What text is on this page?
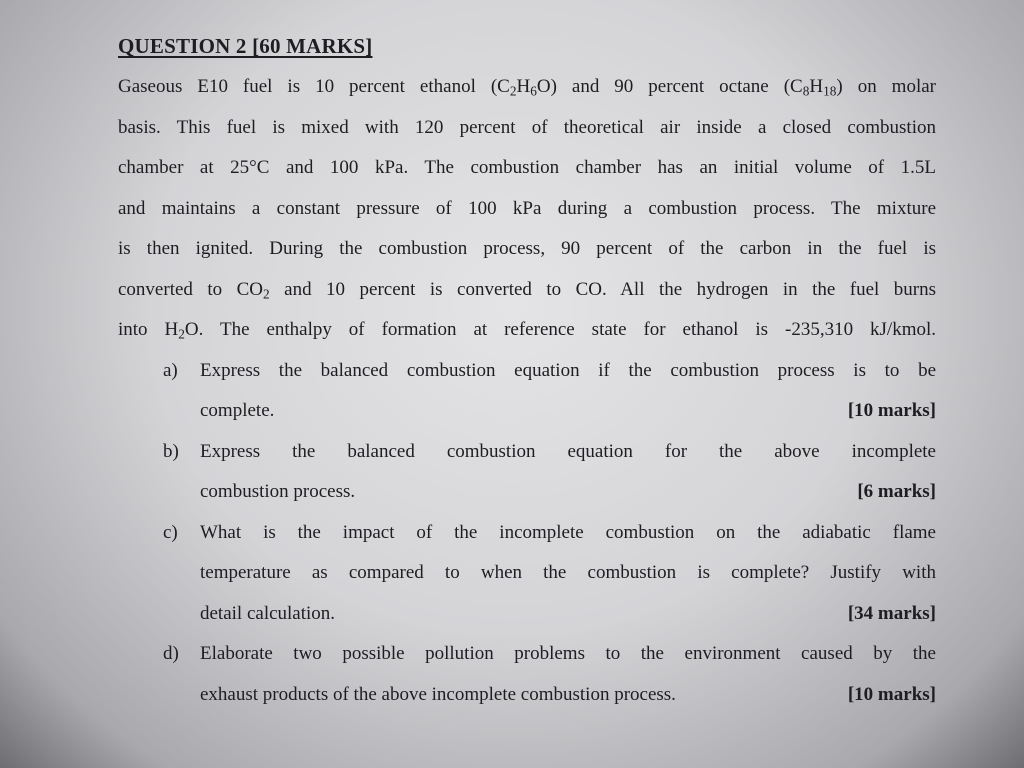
QUESTION 2 [60 MARKS]
Gaseous E10 fuel is 10 percent ethanol $(C_2H_6O)$ and 90 percent octane $(C_8H_{18})$ on molar
basis. This fuel is mixed with 120 percent of theoretical air inside a closed combustion
chamber at 25°C and 100 kPa. The combustion chamber has an initial volume of 1.5L
and maintains a constant pressure of 100 kPa during a combustion process. The mixture
is then ignited. During the combustion process, 90 percent of the carbon in the fuel is
converted to $CO_2$ and 10 percent is converted to CO. All the hydrogen in the fuel burns
into $H_2O$. The enthalpy of formation at reference state for ethanol is -235,310 kJ/kmol.
a) Express the balanced combustion equation if the combustion process is to be
complete.	[10 marks]
b) Express the balanced combustion equation for the above incomplete
combustion process.	[6 marks]
c) What is the impact of the incomplete combustion on the adiabatic flame
temperature as compared to when the combustion is complete? Justify with
detail calculation.	[34 marks]
d) Elaborate two possible pollution problems to the environment caused by the
exhaust products of the above incomplete combustion process.	[10 marks]
